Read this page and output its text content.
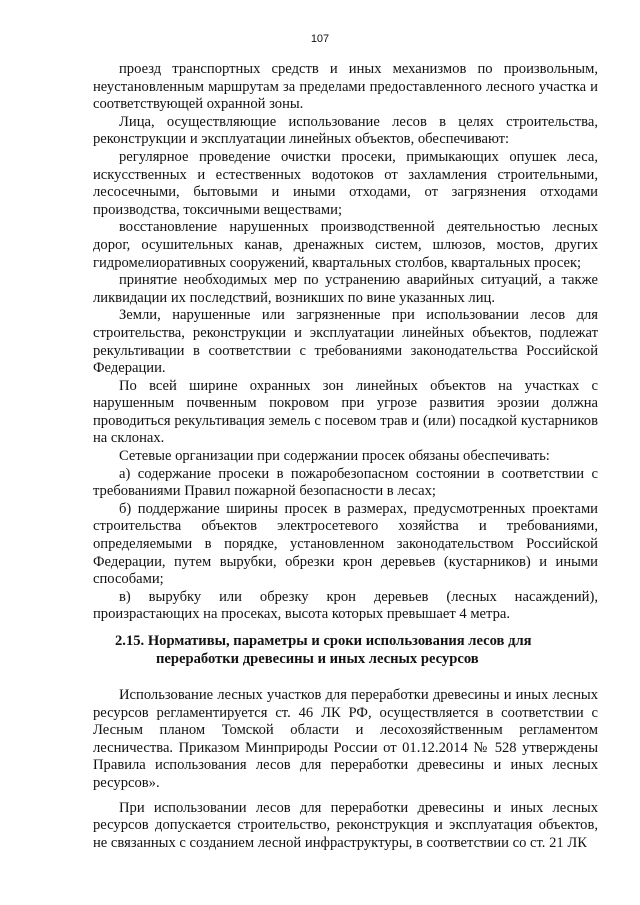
107

проезд транспортных средств и иных механизмов по произвольным, неустановленным маршрутам за пределами предоставленного лесного участка и соответствующей охранной зоны.

Лица, осуществляющие использование лесов в целях строительства, реконструкции и эксплуатации линейных объектов, обеспечивают:

регулярное проведение очистки просеки, примыкающих опушек леса, искусственных и естественных водотоков от захламления строительными, лесосечными, бытовыми и иными отходами, от загрязнения отходами производства, токсичными веществами;

восстановление нарушенных производственной деятельностью лесных дорог, осушительных канав, дренажных систем, шлюзов, мостов, других гидромелиоративных сооружений, квартальных столбов, квартальных просек;

принятие необходимых мер по устранению аварийных ситуаций, а также ликвидации их последствий, возникших по вине указанных лиц.

Земли, нарушенные или загрязненные при использовании лесов для строительства, реконструкции и эксплуатации линейных объектов, подлежат рекультивации в соответствии с требованиями законодательства Российской Федерации.

По всей ширине охранных зон линейных объектов на участках с нарушенным почвенным покровом при угрозе развития эрозии должна проводиться рекультивация земель с посевом трав и (или) посадкой кустарников на склонах.

Сетевые организации при содержании просек обязаны обеспечивать:

а) содержание просеки в пожаробезопасном состоянии в соответствии с требованиями Правил пожарной безопасности в лесах;

б) поддержание ширины просек в размерах, предусмотренных проектами строительства объектов электросетевого хозяйства и требованиями, определяемыми в порядке, установленном законодательством Российской Федерации, путем вырубки, обрезки крон деревьев (кустарников) и иными способами;

в) вырубку или обрезку крон деревьев (лесных насаждений), произрастающих на просеках, высота которых превышает 4 метра.

2.15. Нормативы, параметры и сроки использования лесов для
переработки древесины и иных лесных ресурсов

Использование лесных участков для переработки древесины и иных лесных ресурсов регламентируется ст. 46 ЛК РФ, осуществляется в соответствии с Лесным планом Томской области и лесохозяйственным регламентом лесничества. Приказом Минприроды России от 01.12.2014 № 528 утверждены Правила использования лесов для переработки древесины и иных лесных ресурсов».

При использовании лесов для переработки древесины и иных лесных ресурсов допускается строительство, реконструкция и эксплуатация объектов, не связанных с созданием лесной инфраструктуры, в соответствии со ст. 21 ЛК
